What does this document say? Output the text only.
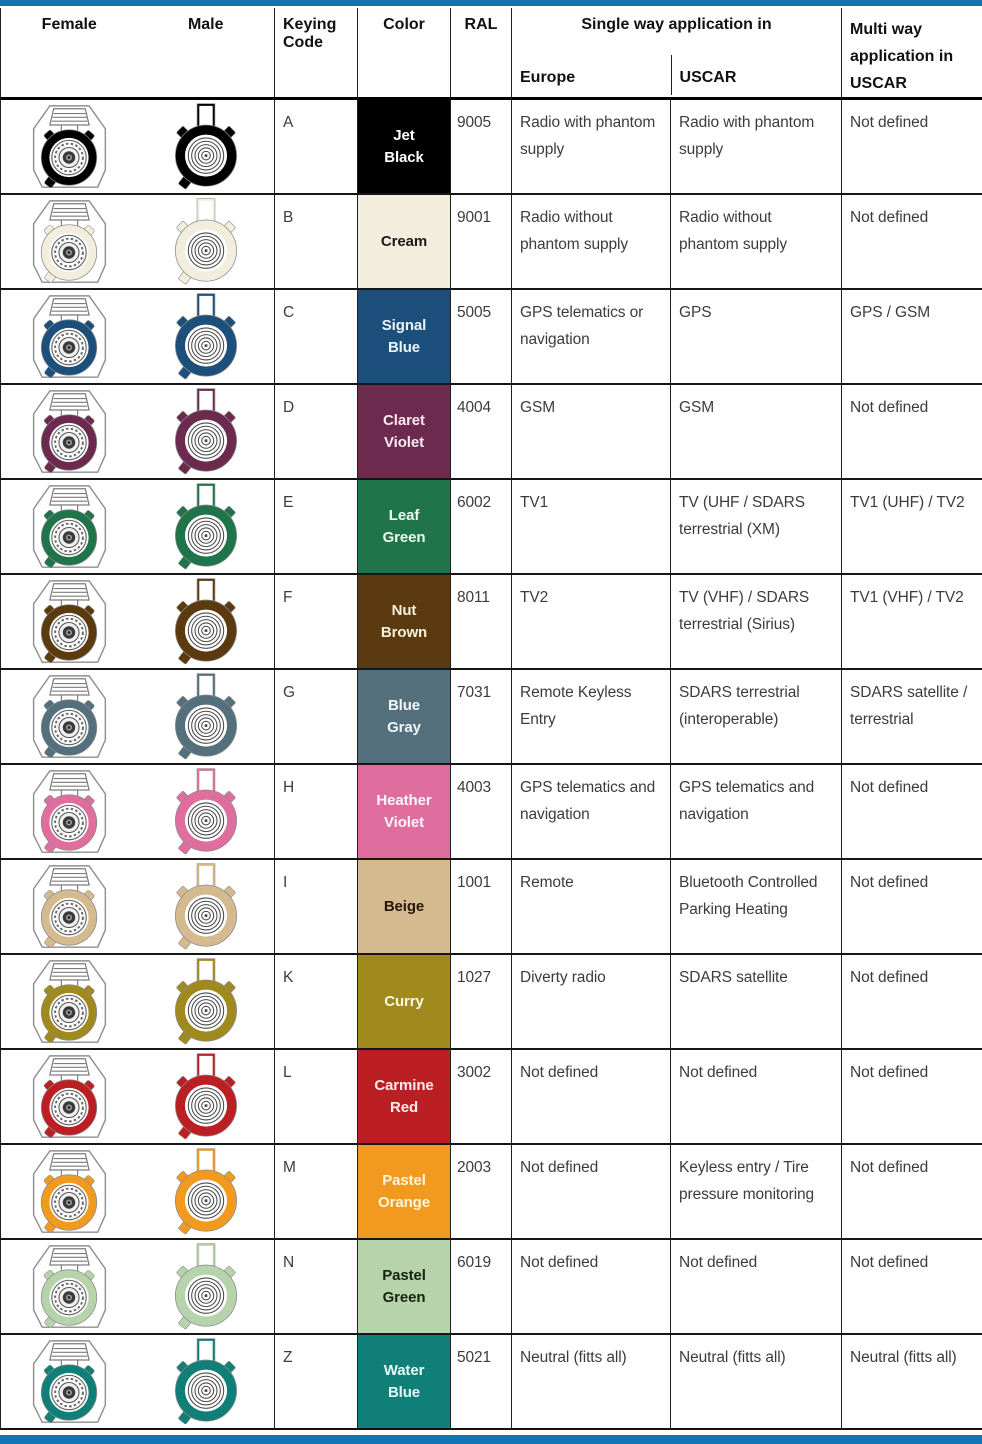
Female	Male	Keying Code

Color	RAL	Single way application in
Europe	USCAR

Multi way application in USCAR

	A	Jet Black	9005	Radio with phantom supply	Radio with phantom supply	Not defined

	B	Cream	9001	Radio without phantom supply	Radio without phantom supply	Not defined

	C	Signal Blue	5005	GPS telematics or navigation	GPS	GPS / GSM

	D	Claret Violet	4004	GSM	GSM	Not defined

	E	Leaf Green	6002	TV1	TV (UHF / SDARS terrestrial (XM)	TV1 (UHF) / TV2

	F	Nut Brown	8011	TV2	TV (VHF) / SDARS terrestrial (Sirius)	TV1 (VHF) / TV2

	G	Blue Gray	7031	Remote Keyless Entry	SDARS terrestrial (interoperable)	SDARS satellite / terrestrial

	H	Heather Violet	4003	GPS telematics and navigation	GPS telematics and navigation	Not defined

	I	Beige	1001	Remote	Bluetooth Controlled Parking Heating	Not defined

	K	Curry	1027	Diverty radio	SDARS satellite	Not defined

	L	Carmine Red	3002	Not defined	Not defined	Not defined

	M	Pastel Orange	2003	Not defined	Keyless entry / Tire pressure monitoring	Not defined

	N	Pastel Green	6019	Not defined	Not defined	Not defined

	Z	Water Blue	5021	Neutral (fitts all)	Neutral (fitts all)	Neutral (fitts all)
